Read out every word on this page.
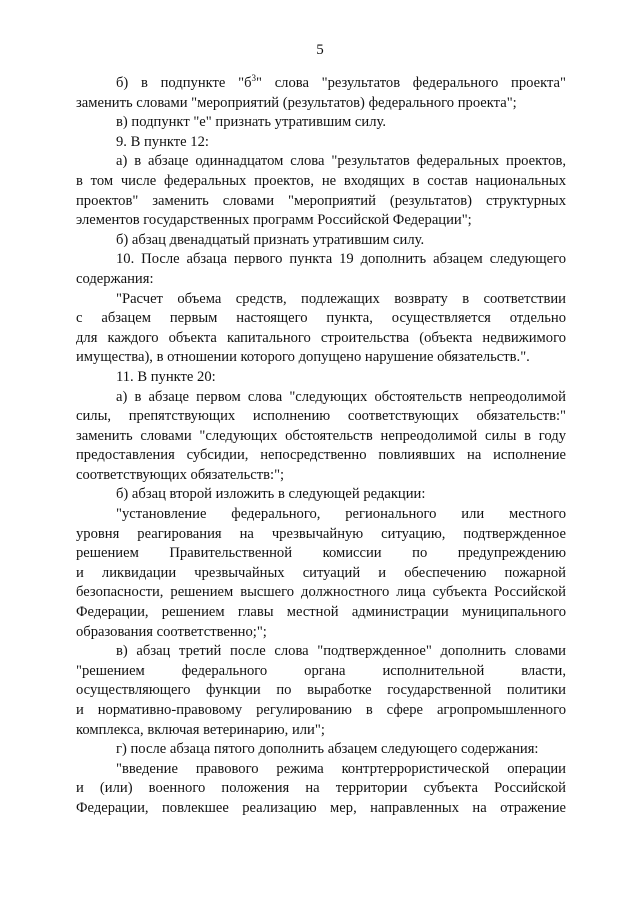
5
б) в подпункте "$б^3$" слова "результатов федерального проекта"
заменить словами "мероприятий (результатов) федерального проекта";
в) подпункт "е" признать утратившим силу.
9. В пункте 12:
а) в абзаце одиннадцатом слова "результатов федеральных проектов,
в том числе федеральных проектов, не входящих в состав национальных
проектов" заменить словами "мероприятий (результатов) структурных
элементов государственных программ Российской Федерации";
б) абзац двенадцатый признать утратившим силу.
10. После абзаца первого пункта 19 дополнить абзацем следующего
содержания:
"Расчет объема средств, подлежащих возврату в соответствии
с абзацем первым настоящего пункта, осуществляется отдельно
для каждого объекта капитального строительства (объекта недвижимого
имущества), в отношении которого допущено нарушение обязательств.".
11. В пункте 20:
а) в абзаце первом слова "следующих обстоятельств непреодолимой
силы, препятствующих исполнению соответствующих обязательств:"
заменить словами "следующих обстоятельств непреодолимой силы в году
предоставления субсидии, непосредственно повлиявших на исполнение
соответствующих обязательств:";
б) абзац второй изложить в следующей редакции:
"установление федерального, регионального или местного
уровня реагирования на чрезвычайную ситуацию, подтвержденное
решением Правительственной комиссии по предупреждению
и ликвидации чрезвычайных ситуаций и обеспечению пожарной
безопасности, решением высшего должностного лица субъекта Российской
Федерации, решением главы местной администрации муниципального
образования соответственно;";
в) абзац третий после слова "подтвержденное" дополнить словами
"решением федерального органа исполнительной власти,
осуществляющего функции по выработке государственной политики
и нормативно-правовому регулированию в сфере агропромышленного
комплекса, включая ветеринарию, или";
г) после абзаца пятого дополнить абзацем следующего содержания:
"введение правового режима контртеррористической операции
и (или) военного положения на территории субъекта Российской
Федерации, повлекшее реализацию мер, направленных на отражение
